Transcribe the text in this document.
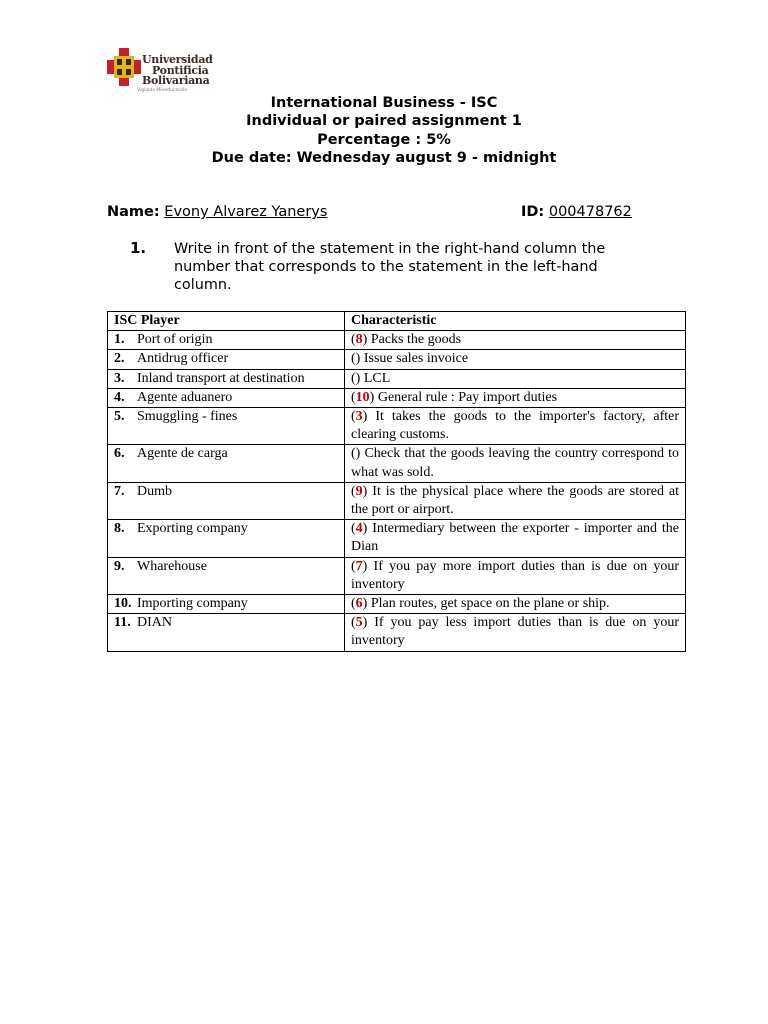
Universidad
Pontificia
Bolivariana
Vigilada Mineducación
International Business - ISC
Individual or paired assignment 1
Percentage : 5%
Due date: Wednesday august 9 - midnight
Name: Evony Alvarez Yanerys	ID: 000478762
1. Write in front of the statement in the right-hand column the number that corresponds to the statement in the left-hand column.
ISC Player	Characteristic
1. Port of origin	(8) Packs the goods
2. Antidrug officer	() Issue sales invoice
3. Inland transport at destination	() LCL
4. Agente aduanero	(10) General rule : Pay import duties
5. Smuggling - fines	(3) It takes the goods to the importer's factory, after clearing customs.
6. Agente de carga	() Check that the goods leaving the country correspond to what was sold.
7. Dumb	(9) It is the physical place where the goods are stored at the port or airport.
8. Exporting company	(4) Intermediary between the exporter - importer and the Dian
9. Wharehouse	(7) If you pay more import duties than is due on your inventory
10. Importing company	(6) Plan routes, get space on the plane or ship.
11. DIAN	(5) If you pay less import duties than is due on your inventory
